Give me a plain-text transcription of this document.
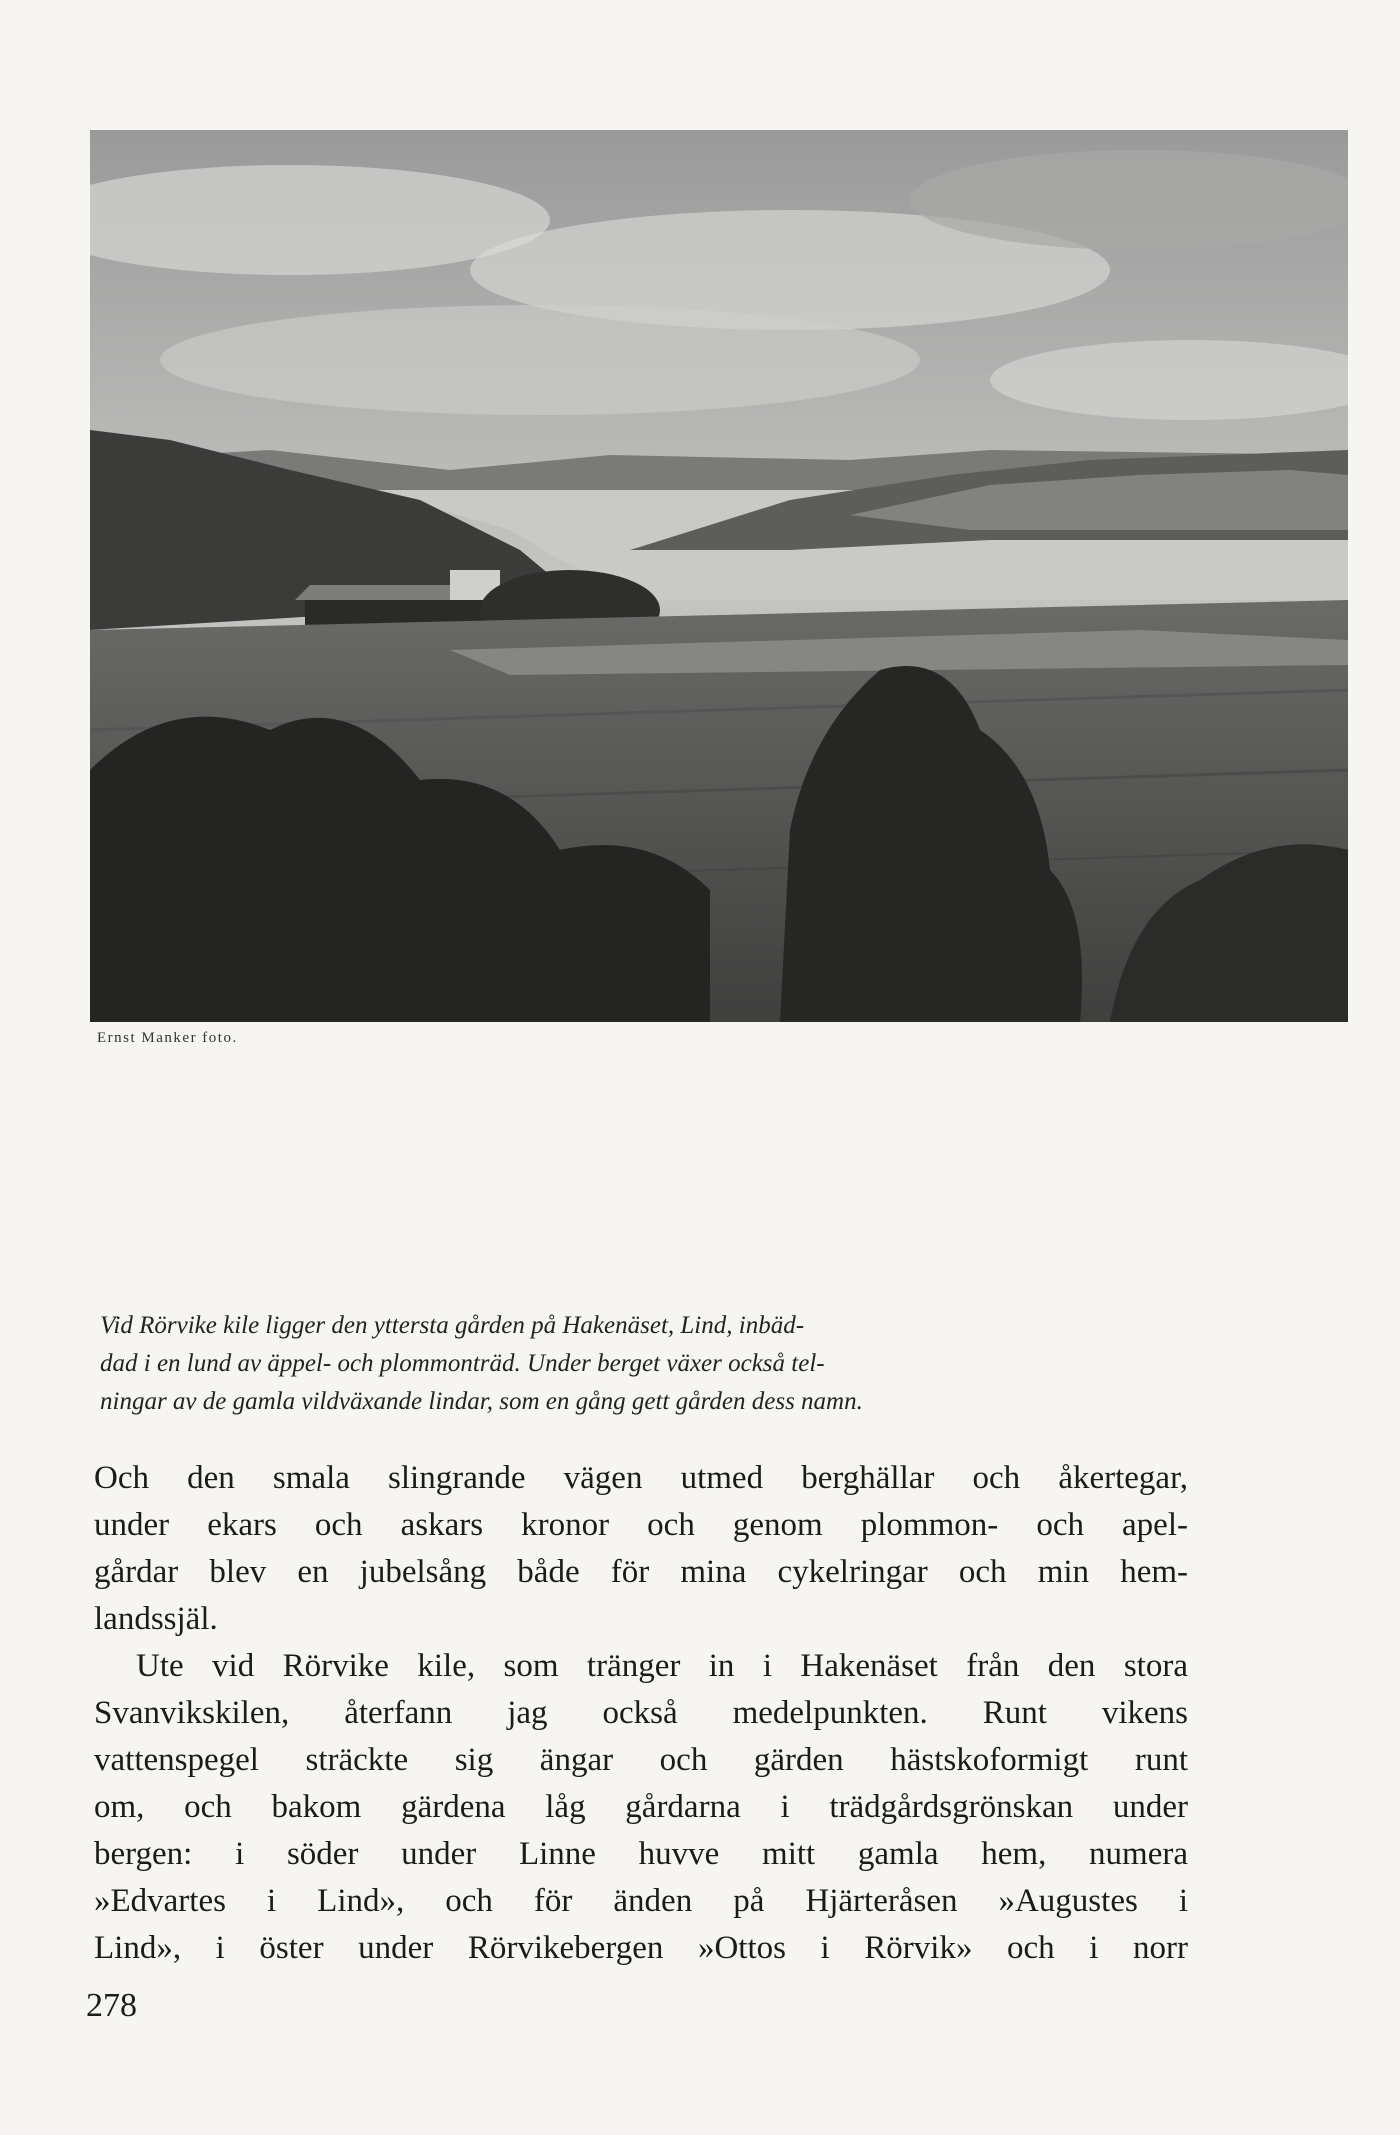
Ernst Manker foto.
Vid Rörvike kile ligger den yttersta gården på Hakenäset, Lind, inbäd-
dad i en lund av äppel- och plommonträd. Under berget växer också tel-
ningar av de gamla vildväxande lindar, som en gång gett gården dess namn.
Och den smala slingrande vägen utmed berghällar och åkertegar,
under ekars och askars kronor och genom plommon- och apel-
gårdar blev en jubelsång både för mina cykelringar och min hem-
landssjäl.
Ute vid Rörvike kile, som tränger in i Hakenäset från den stora
Svanvikskilen, återfann jag också medelpunkten. Runt vikens
vattenspegel sträckte sig ängar och gärden hästskoformigt runt
om, och bakom gärdena låg gårdarna i trädgårdsgrönskan under
bergen: i söder under Linne huvve mitt gamla hem, numera
»Edvartes i Lind», och för änden på Hjärteråsen »Augustes i
Lind», i öster under Rörvikebergen »Ottos i Rörvik» och i norr
278
